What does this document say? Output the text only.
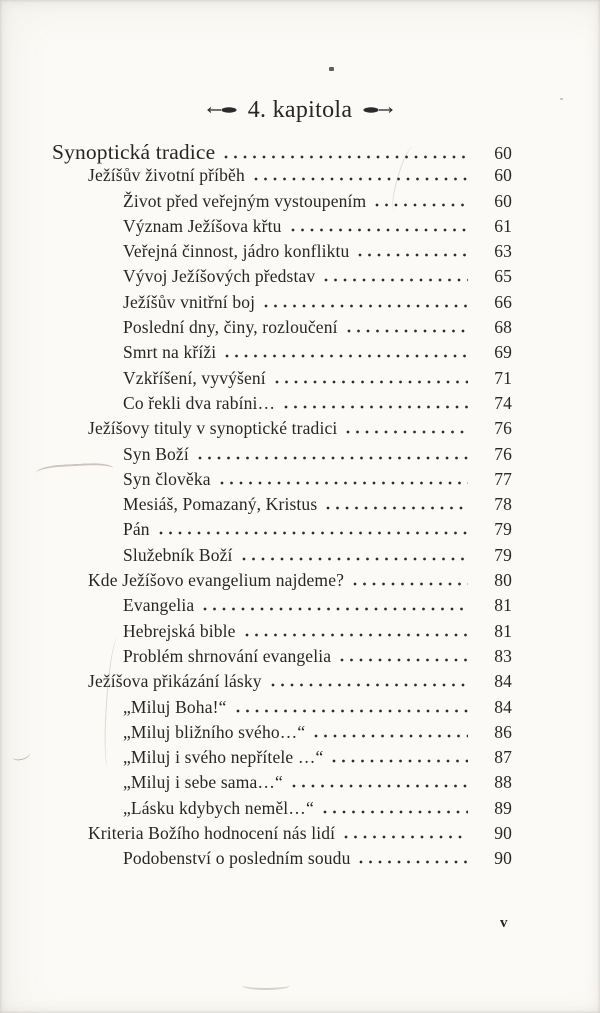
4. kapitola
Synoptická tradice	60
Ježíšův životní příběh	60
Život před veřejným vystoupením	60
Význam Ježíšova křtu	61
Veřejná činnost, jádro konfliktu	63
Vývoj Ježíšových představ	65
Ježíšův vnitřní boj	66
Poslední dny, činy, rozloučení	68
Smrt na kříži	69
Vzkříšení, vyvýšení	71
Co řekli dva rabíni…	74
Ježíšovy tituly v synoptické tradici	76
Syn Boží	76
Syn člověka	77
Mesiáš, Pomazaný, Kristus	78
Pán	79
Služebník Boží	79
Kde Ježíšovo evangelium najdeme?	80
Evangelia	81
Hebrejská bible	81
Problém shrnování evangelia	83
Ježíšova přikázání lásky	84
„Miluj Boha!“	84
„Miluj bližního svého…“	86
„Miluj i svého nepřítele …“	87
„Miluj i sebe sama…“	88
„Lásku kdybych neměl…“	89
Kriteria Božího hodnocení nás lidí	90
Podobenství o posledním soudu	90
v
